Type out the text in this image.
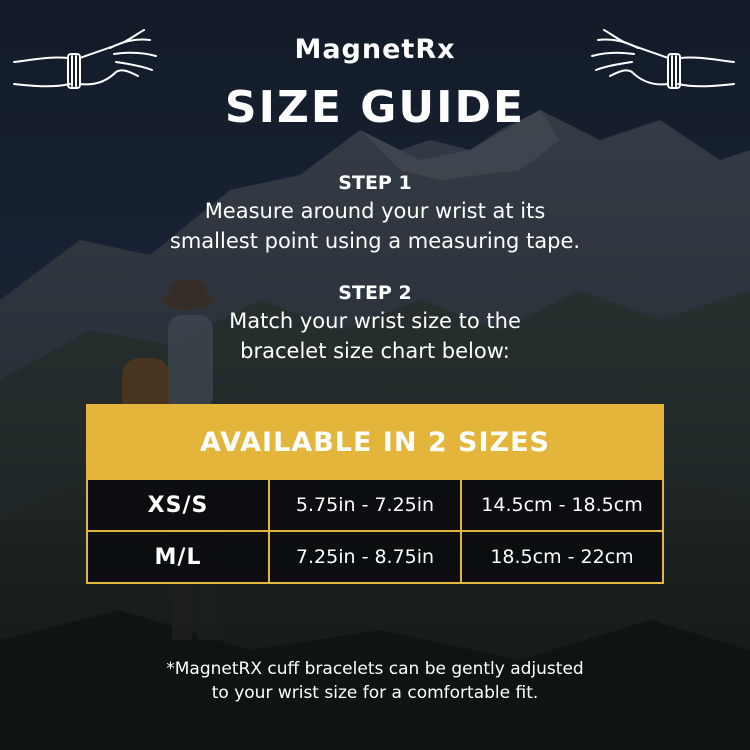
MagnetRx
SIZE GUIDE
STEP 1
Measure around your wrist at its
smallest point using a measuring tape.
STEP 2
Match your wrist size to the
bracelet size chart below:
AVAILABLE IN 2 SIZES
XS/S	5.75in - 7.25in	14.5cm - 18.5cm
M/L	7.25in - 8.75in	18.5cm - 22cm
*MagnetRX cuff bracelets can be gently adjusted
to your wrist size for a comfortable fit.
